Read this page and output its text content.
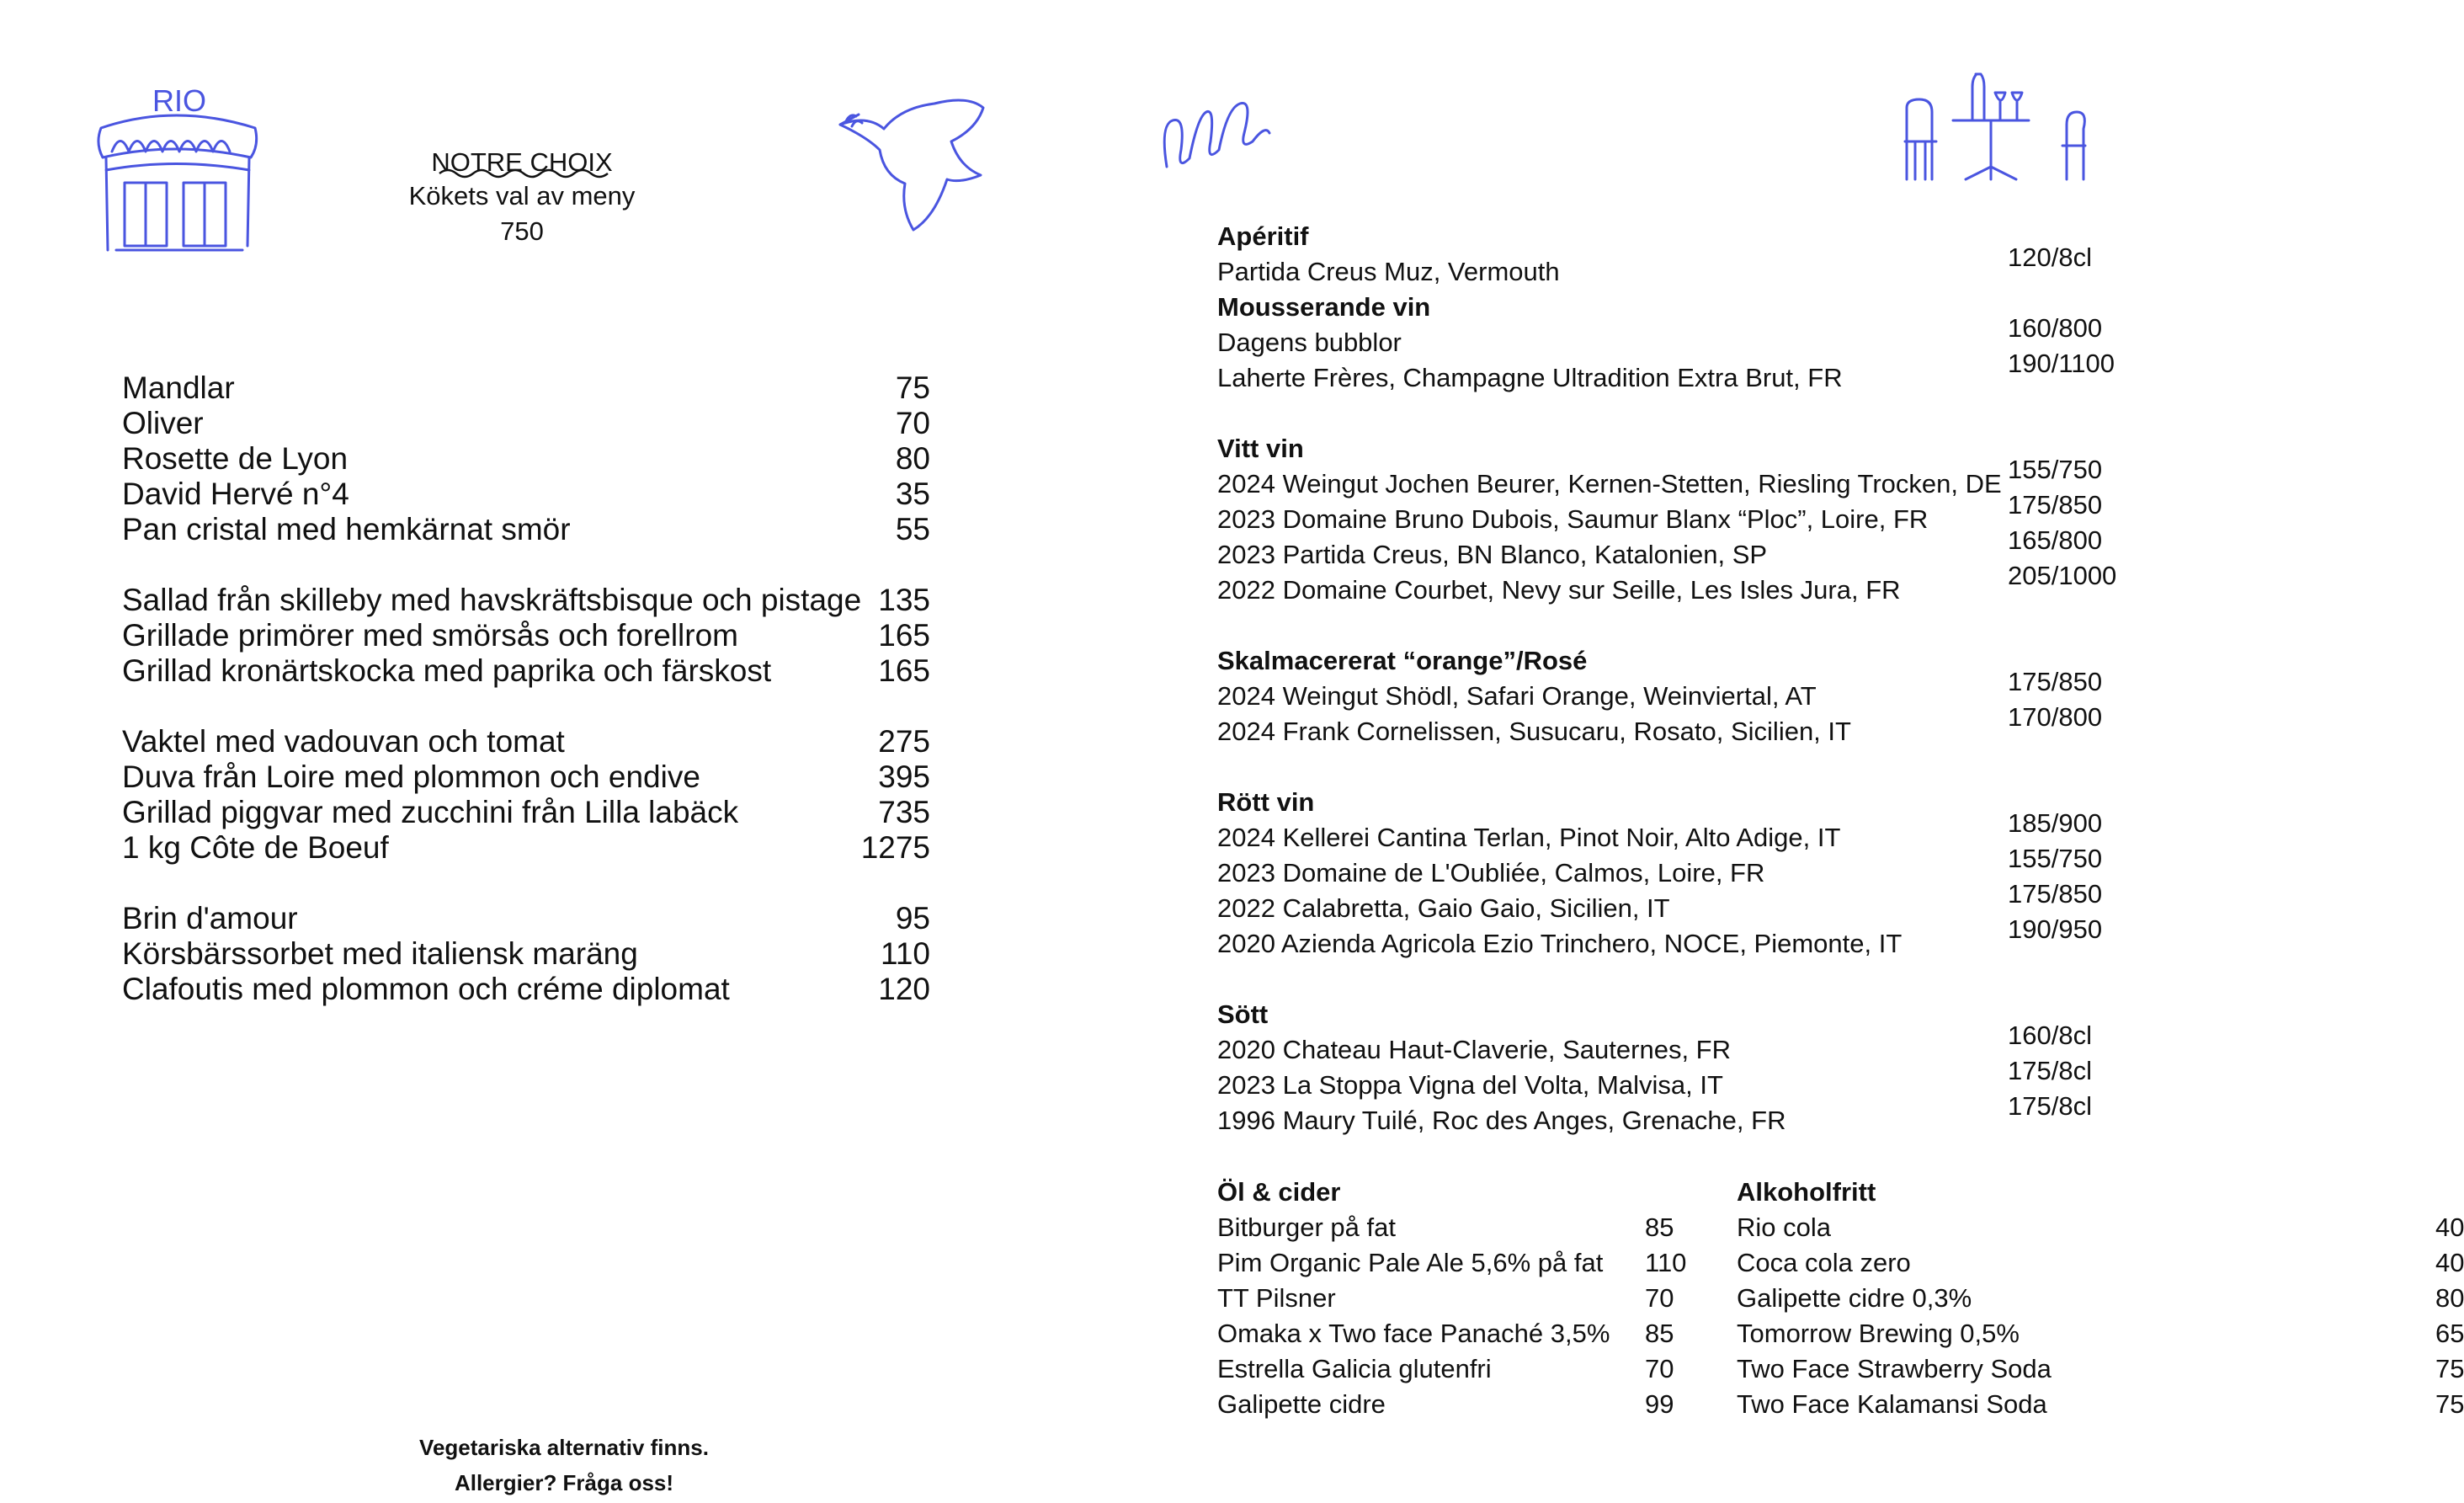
RIO
NOTRE CHOIX
Kökets val av meny
750
Mandlar	75
Oliver	70
Rosette de Lyon	80
David Hervé n°4	35
Pan cristal med hemkärnat smör	55
Sallad från skilleby med havskräftsbisque och pistage 135
Grillade primörer med smörsås och forellrom	165
Grillad kronärtskocka med paprika och färskost	165
Vaktel med vadouvan och tomat	275
Duva från Loire med plommon och endive	395
Grillad piggvar med zucchini från Lilla labäck	735
1 kg Côte de Boeuf	1275
Brin d'amour	95
Körsbärssorbet med italiensk maräng	110
Clafoutis med plommon och créme diplomat	120
Vegetariska alternativ finns.
Allergier? Fråga oss!
Apéritif
Partida Creus Muz, Vermouth	120/8cl
Mousserande vin
Dagens bubblor	160/800
Laherte Frères, Champagne Ultradition Extra Brut, FR	190/1100
Vitt vin
2024 Weingut Jochen Beurer, Kernen-Stetten, Riesling Trocken, DE 155/750
2023 Domaine Bruno Dubois, Saumur Blanx “Ploc”, Loire, FR	175/850
2023 Partida Creus, BN Blanco, Katalonien, SP	165/800
2022 Domaine Courbet, Nevy sur Seille, Les Isles Jura, FR	205/1000
Skalmacererat “orange”/Rosé
2024 Weingut Shödl, Safari Orange, Weinviertal, AT	175/850
2024 Frank Cornelissen, Susucaru, Rosato, Sicilien, IT	170/800
Rött vin
2024 Kellerei Cantina Terlan, Pinot Noir, Alto Adige, IT	185/900
2023 Domaine de L'Oubliée, Calmos, Loire, FR	155/750
2022 Calabretta, Gaio Gaio, Sicilien, IT	175/850
2020 Azienda Agricola Ezio Trinchero, NOCE, Piemonte, IT	190/950
Sött
2020 Chateau Haut-Claverie, Sauternes, FR	160/8cl
2023 La Stoppa Vigna del Volta, Malvisa, IT	175/8cl
1996 Maury Tuilé, Roc des Anges, Grenache, FR	175/8cl
Öl & cider
Bitburger på fat	85
Pim Organic Pale Ale 5,6% på fat 110
TT Pilsner	70
Omaka x Two face Panaché 3,5% 85
Estrella Galicia glutenfri	70
Galipette cidre	99
Alkoholfritt
Rio cola	40
Coca cola zero	40
Galipette cidre 0,3%	80
Tomorrow Brewing 0,5%	65
Two Face Strawberry Soda	75
Two Face Kalamansi Soda	75
